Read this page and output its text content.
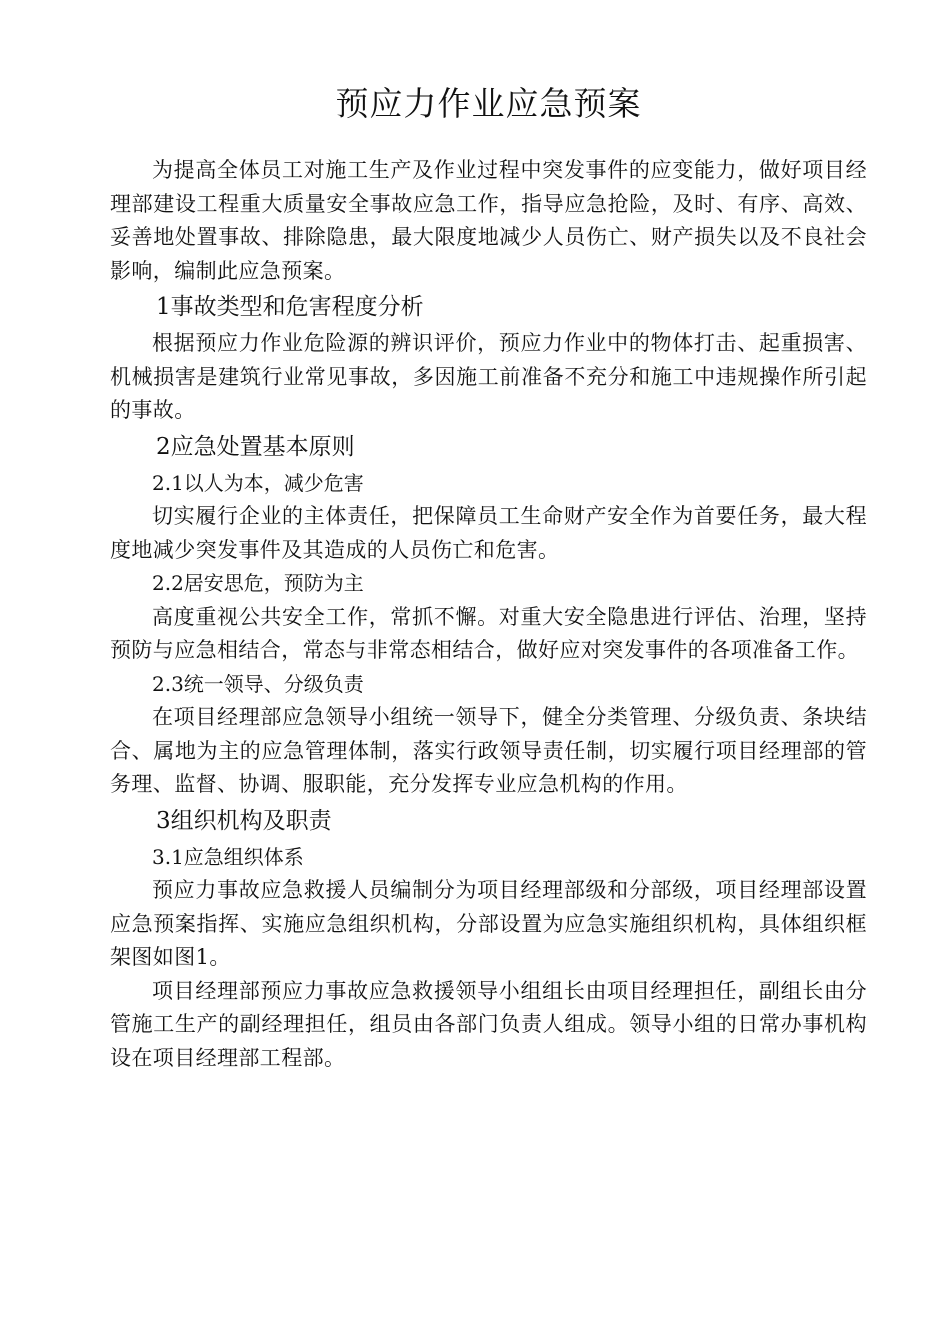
预应力作业应急预案

为提高全体员工对施工生产及作业过程中突发事件的应变能力，做好项目经理部建设工程重大质量安全事故应急工作，指导应急抢险，及时、有序、高效、妥善地处置事故、排除隐患，最大限度地减少人员伤亡、财产损失以及不良社会影响，编制此应急预案。

1事故类型和危害程度分析

根据预应力作业危险源的辨识评价，预应力作业中的物体打击、起重损害、机械损害是建筑行业常见事故，多因施工前准备不充分和施工中违规操作所引起的事故。

2应急处置基本原则

2.1以人为本，减少危害

切实履行企业的主体责任，把保障员工生命财产安全作为首要任务，最大程度地减少突发事件及其造成的人员伤亡和危害。

2.2居安思危，预防为主

高度重视公共安全工作，常抓不懈。对重大安全隐患进行评估、治理，坚持预防与应急相结合，常态与非常态相结合，做好应对突发事件的各项准备工作。

2.3统一领导、分级负责

在项目经理部应急领导小组统一领导下，健全分类管理、分级负责、条块结合、属地为主的应急管理体制，落实行政领导责任制，切实履行项目经理部的管务理、监督、协调、服职能，充分发挥专业应急机构的作用。

3组织机构及职责

3.1应急组织体系

预应力事故应急救援人员编制分为项目经理部级和分部级，项目经理部设置应急预案指挥、实施应急组织机构，分部设置为应急实施组织机构，具体组织框架图如图1。

项目经理部预应力事故应急救援领导小组组长由项目经理担任，副组长由分管施工生产的副经理担任，组员由各部门负责人组成。领导小组的日常办事机构设在项目经理部工程部。
